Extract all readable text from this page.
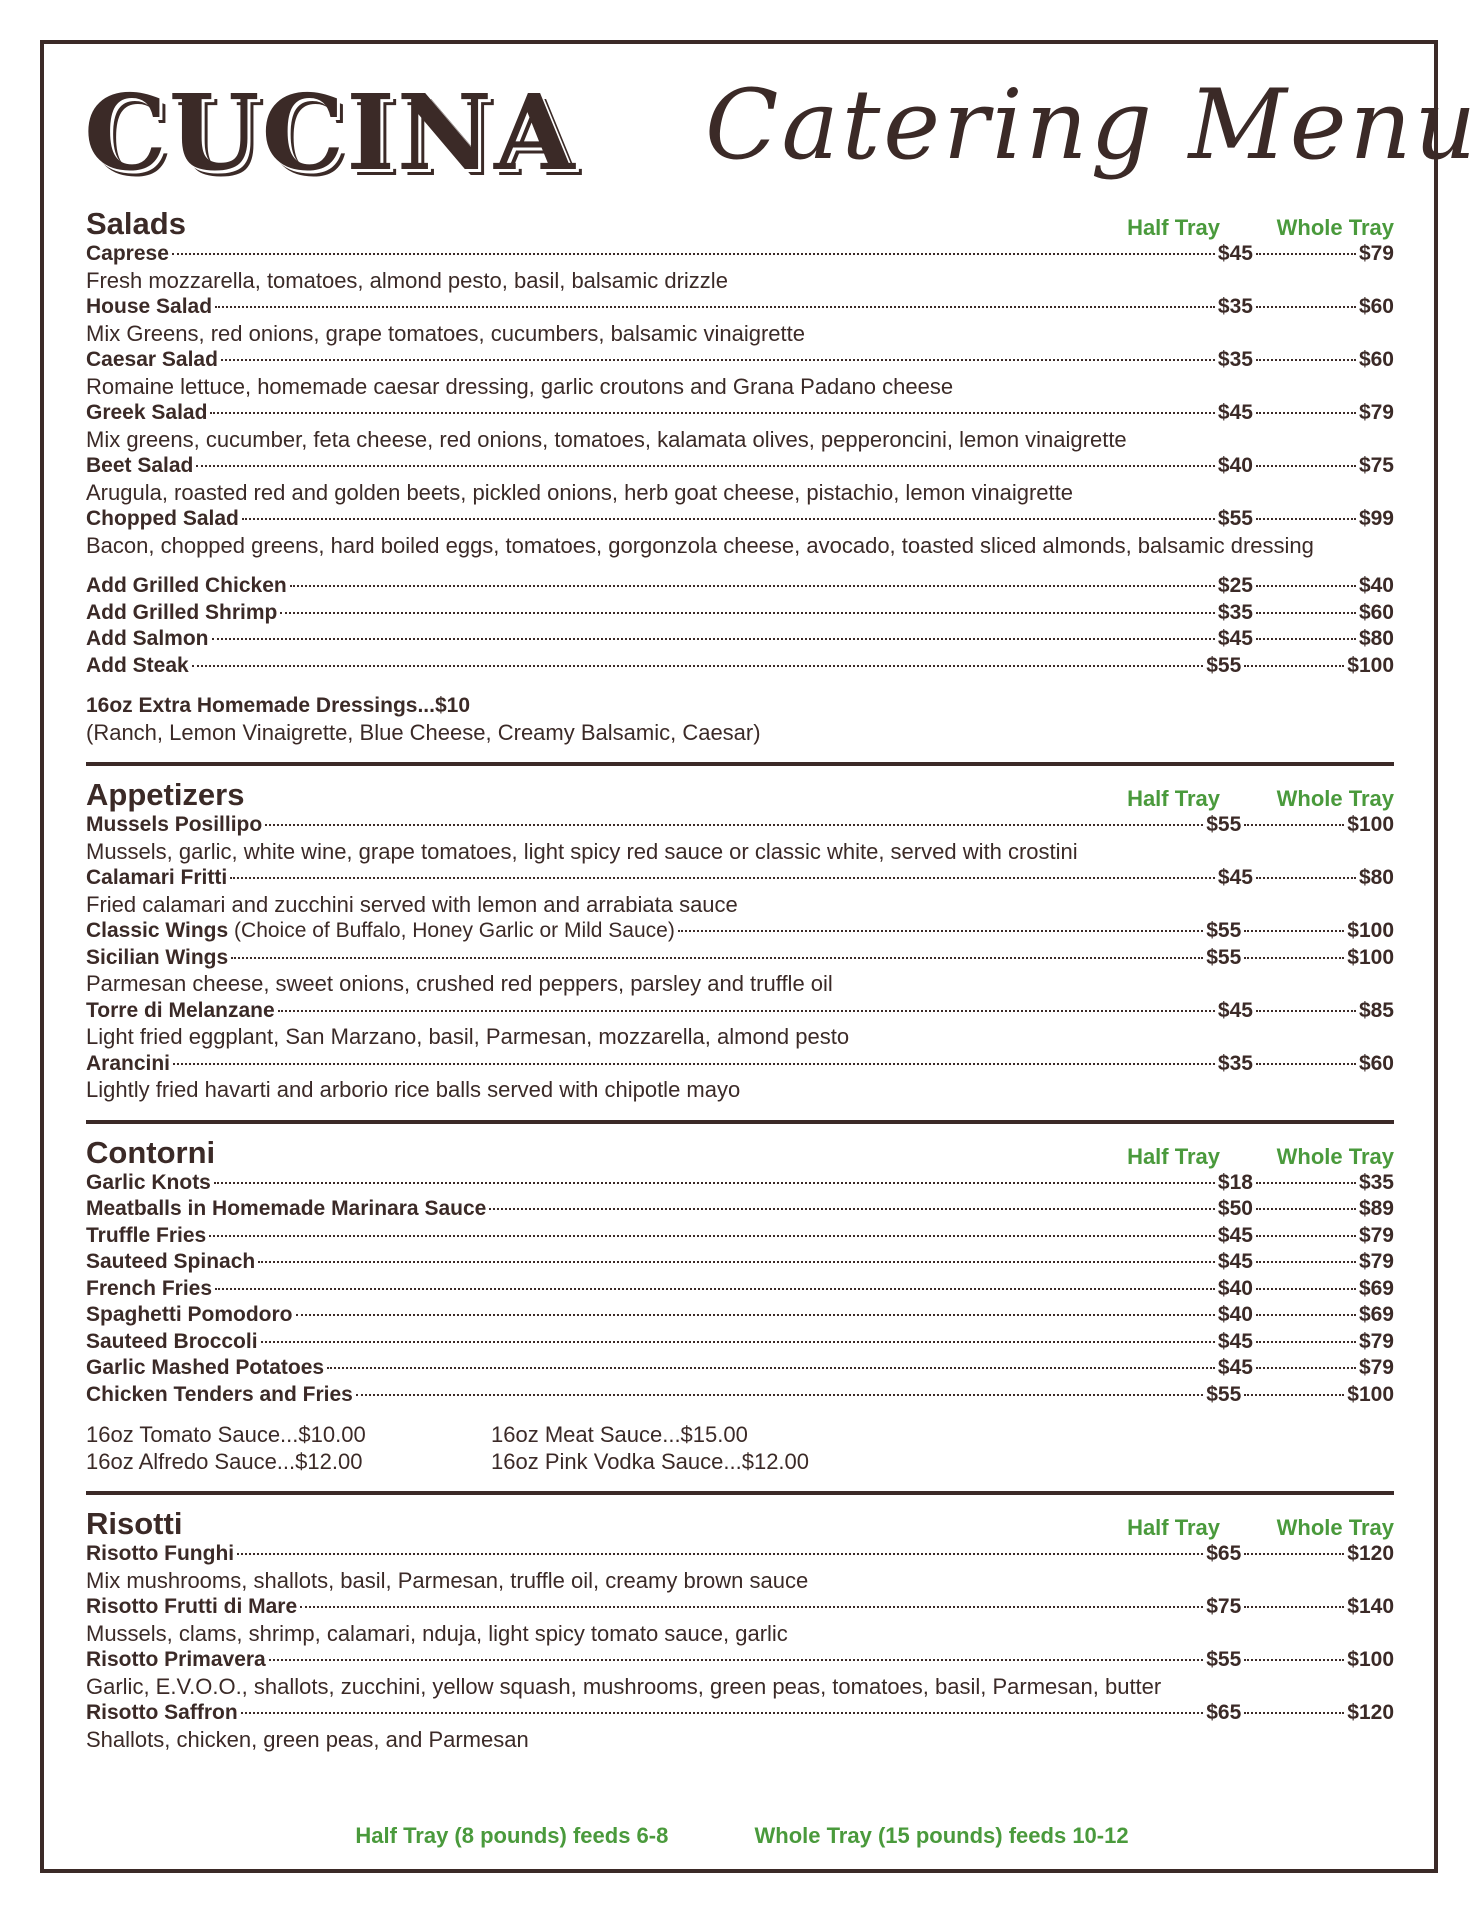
CUCINA Catering Menu
Salads	Half Tray	Whole Tray
Caprese	$45	$79
Fresh mozzarella, tomatoes, almond pesto, basil, balsamic drizzle
House Salad	$35	$60
Mix Greens, red onions, grape tomatoes, cucumbers, balsamic vinaigrette
Caesar Salad	$35	$60
Romaine lettuce, homemade caesar dressing, garlic croutons and Grana Padano cheese
Greek Salad	$45	$79
Mix greens, cucumber, feta cheese, red onions, tomatoes, kalamata olives, pepperoncini, lemon vinaigrette
Beet Salad	$40	$75
Arugula, roasted red and golden beets, pickled onions, herb goat cheese, pistachio, lemon vinaigrette
Chopped Salad	$55	$99
Bacon, chopped greens, hard boiled eggs, tomatoes, gorgonzola cheese, avocado, toasted sliced almonds, balsamic dressing
Add Grilled Chicken	$25	$40
Add Grilled Shrimp	$35	$60
Add Salmon	$45	$80
Add Steak	$55	$100
16oz Extra Homemade Dressings...$10
(Ranch, Lemon Vinaigrette, Blue Cheese, Creamy Balsamic, Caesar)
Appetizers	Half Tray	Whole Tray
Mussels Posillipo	$55	$100
Mussels, garlic, white wine, grape tomatoes, light spicy red sauce or classic white, served with crostini
Calamari Fritti	$45	$80
Fried calamari and zucchini served with lemon and arrabiata sauce
Classic Wings (Choice of Buffalo, Honey Garlic or Mild Sauce)	$55	$100
Sicilian Wings	$55	$100
Parmesan cheese, sweet onions, crushed red peppers, parsley and truffle oil
Torre di Melanzane	$45	$85
Light fried eggplant, San Marzano, basil, Parmesan, mozzarella, almond pesto
Arancini	$35	$60
Lightly fried havarti and arborio rice balls served with chipotle mayo
Contorni	Half Tray	Whole Tray
Garlic Knots	$18	$35
Meatballs in Homemade Marinara Sauce	$50	$89
Truffle Fries	$45	$79
Sauteed Spinach	$45	$79
French Fries	$40	$69
Spaghetti Pomodoro	$40	$69
Sauteed Broccoli	$45	$79
Garlic Mashed Potatoes	$45	$79
Chicken Tenders and Fries	$55	$100
16oz Tomato Sauce...$10.00	16oz Meat Sauce...$15.00
16oz Alfredo Sauce...$12.00	16oz Pink Vodka Sauce...$12.00
Risotti	Half Tray	Whole Tray
Risotto Funghi	$65	$120
Mix mushrooms, shallots, basil, Parmesan, truffle oil, creamy brown sauce
Risotto Frutti di Mare	$75	$140
Mussels, clams, shrimp, calamari, nduja, light spicy tomato sauce, garlic
Risotto Primavera	$55	$100
Garlic, E.V.O.O., shallots, zucchini, yellow squash, mushrooms, green peas, tomatoes, basil, Parmesan, butter
Risotto Saffron	$65	$120
Shallots, chicken, green peas, and Parmesan
Half Tray (8 pounds) feeds 6-8	Whole Tray (15 pounds) feeds 10-12
